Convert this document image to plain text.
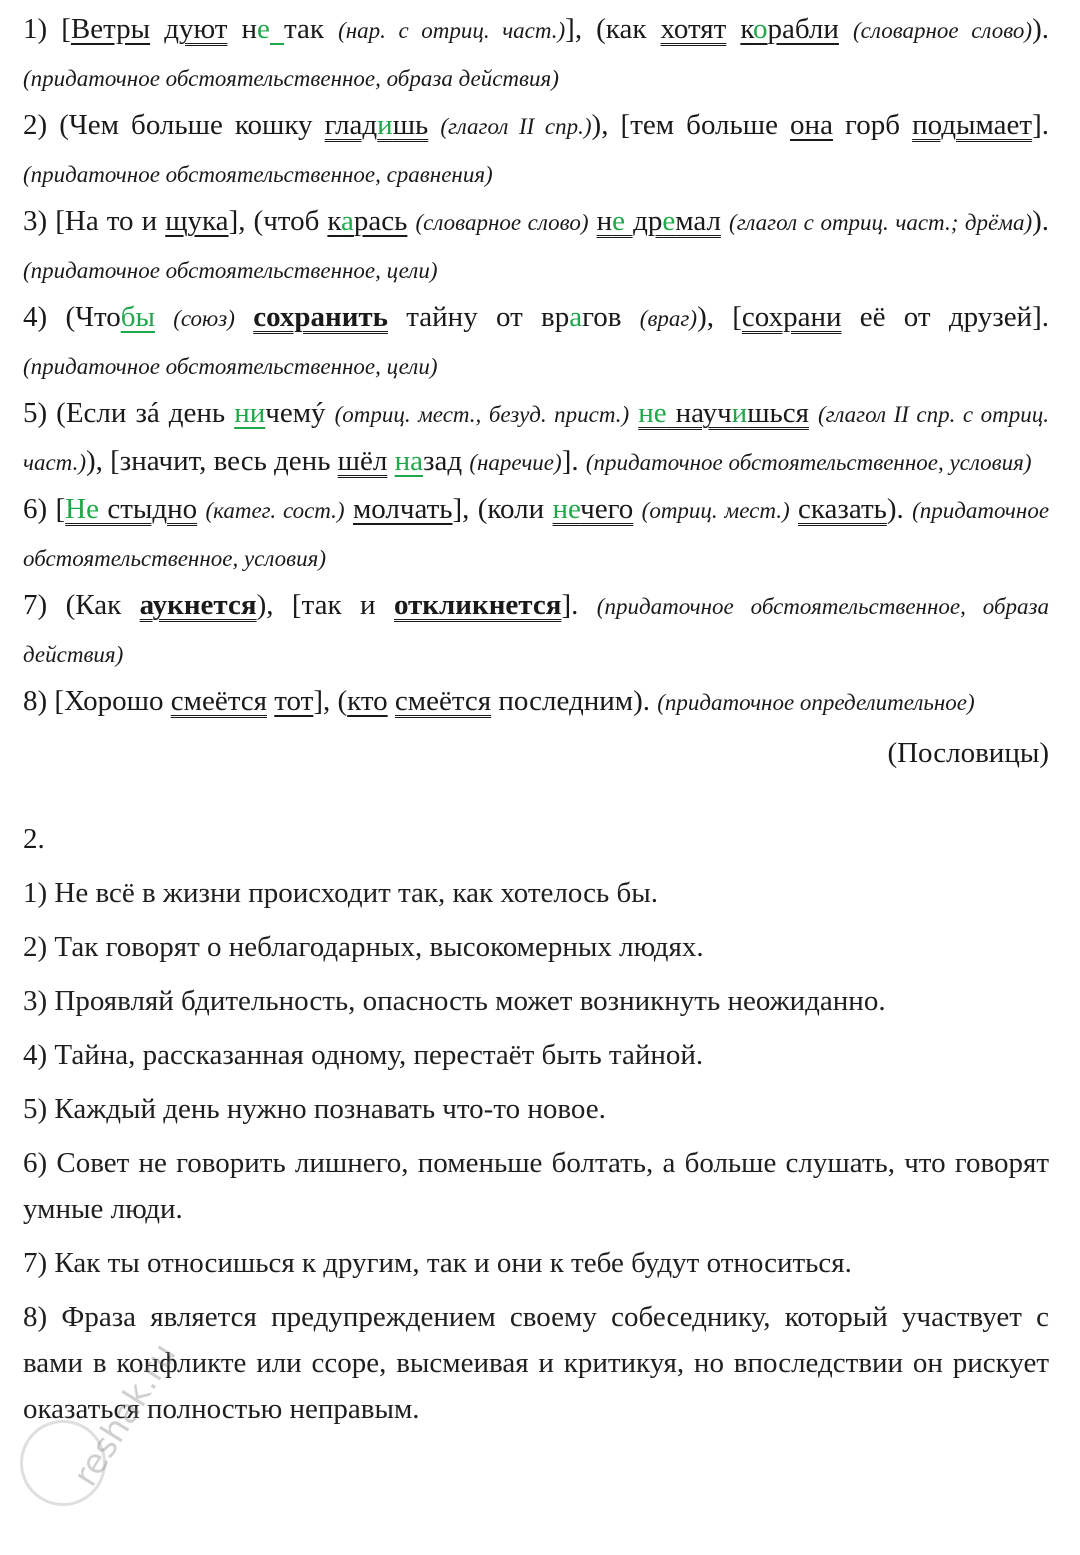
1) [Ветры дуют не так (нар. с отриц. част.)], (как хотят корабли (словарное слово)). (придаточное обстоятельственное, образа действия)

2) (Чем больше кошку гладишь (глагол II спр.)), [тем больше она горб подымает]. (придаточное обстоятельственное, сравнения)

3) [На то и щука], (чтоб карась (словарное слово) не дремал (глагол с отриц. част.; дрёма)). (придаточное обстоятельственное, цели)

4) (Чтобы (союз) сохранить тайну от врагов (враг)), [сохрани её от друзей]. (придаточное обстоятельственное, цели)

5) (Если зá день ничемý (отриц. мест., безуд. прист.) не научишься (глагол II спр. с отриц. част.)), [значит, весь день шёл назад (наречие)]. (придаточное обстоятельственное, условия)

6) [Не стыдно (катег. сост.) молчать], (коли нечего (отриц. мест.) сказать). (придаточное обстоятельственное, условия)

7) (Как аукнется), [так и откликнется]. (придаточное обстоятельственное, образа действия)

8) [Хорошо смеётся тот], (кто смеётся последним). (придаточное определительное)

(Пословицы)
2.

1) Не всё в жизни происходит так, как хотелось бы.

2) Так говорят о неблагодарных, высокомерных людях.

3) Проявляй бдительность, опасность может возникнуть неожиданно.

4) Тайна, рассказанная одному, перестаёт быть тайной.

5) Каждый день нужно познавать что-то новое.

6) Совет не говорить лишнего, поменьше болтать, а больше слушать, что говорят умные люди.

7) Как ты относишься к другим, так и они к тебе будут относиться.

8) Фраза является предупреждением своему собеседнику, который участвует с вами в конфликте или ссоре, высмеивая и критикуя, но впоследствии он рискует оказаться полностью неправым.

reshak.ru
